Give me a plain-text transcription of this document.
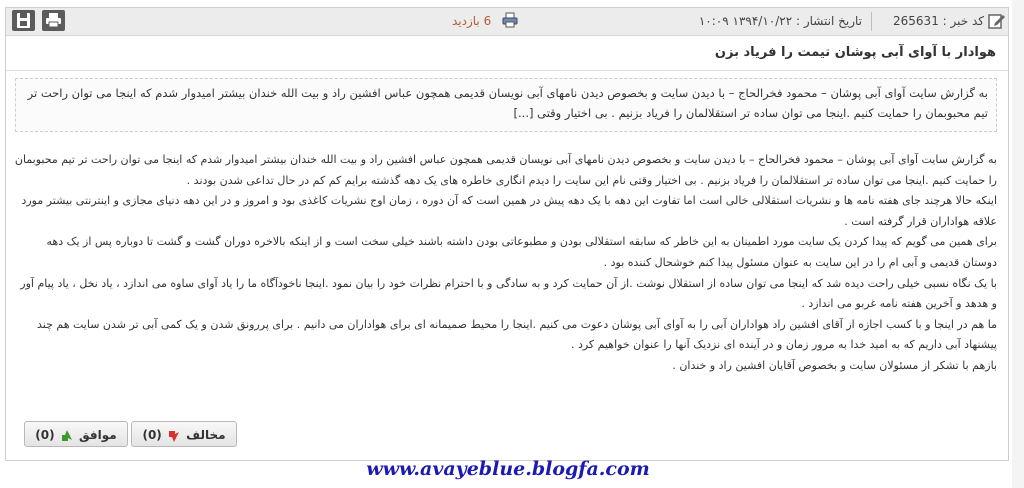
کد خبر : 265631
تاریخ انتشار : ۱۳۹۴/۱۰/۲۲ ۱۰:۰۹
6 بازدید
هوادار با آوای آبی پوشان تیمت را فریاد بزن
به گزارش سایت آوای آبی پوشان – محمود فخرالحاج – با دیدن سایت و بخصوص دیدن نامهای آبی نویسان قدیمی همچون عباس افشین راد و بیت الله خندان بیشتر امیدوار شدم که اینجا می توان راحت تر تیم محبوبمان را حمایت کنیم .اینجا می توان ساده تر استقلالمان را فریاد بزنیم . بی اختیار وقتی [...]

به گزارش سایت آوای آبی پوشان – محمود فخرالحاج – با دیدن سایت و بخصوص دیدن نامهای آبی نویسان قدیمی همچون عباس افشین راد و بیت الله خندان بیشتر امیدوار شدم که اینجا می توان راحت تر تیم محبوبمان را حمایت کنیم .اینجا می توان ساده تر استقلالمان را فریاد بزنیم . بی اختیار وقتی نام این سایت را دیدم انگاری خاطره های یک دهه گذشته برایم کم کم در حال تداعی شدن بودند .

اینکه حالا هرچند جای هفته نامه ها و نشریات استقلالی خالی است اما تفاوت این دهه با یک دهه پیش در همین است که آن دوره ، زمان اوج نشریات کاغذی بود و امروز و در این دهه دنیای مجازی و اینترنتی بیشتر مورد علاقه هواداران قرار گرفته است .

برای همین می گویم که پیدا کردن یک سایت مورد اطمینان به این خاطر که سابقه استقلالی بودن و مطبوعاتی بودن داشته باشند خیلی سخت است و از اینکه بالاخره دوران گشت و گشت تا دوباره پس از یک دهه دوستان قدیمی و آبی ام را در این سایت به عنوان مسئول پیدا کنم خوشحال کننده بود .

با یک نگاه نسبی خیلی راحت دیده شد که اینجا می توان ساده از استقلال نوشت .از آن حمایت کرد و به سادگی و با احترام نظرات خود را بیان نمود .اینجا ناخودآگاه ما را یاد آوای ساوه می اندازد ، یاد نخل ، یاد پیام آور و هدهد و آخرین هفته نامه غربو می اندازد .

ما هم در اینجا و با کسب اجازه از آقای افشین راد هواداران آبی را به آوای آبی پوشان دعوت می کنیم .اینجا را محیط صمیمانه ای برای هواداران می دانیم . برای پررونق شدن و یک کمی آبی تر شدن سایت هم چند پیشنهاد آبی داریم که به امید خدا به مرور زمان و در آینده ای نزدیک آنها را عنوان خواهیم کرد .

بازهم با تشکر از مسئولان سایت و بخصوص آقایان افشین راد و خندان .

مخالف  (0)
موافق  (0)
www.avayeblue.blogfa.com
